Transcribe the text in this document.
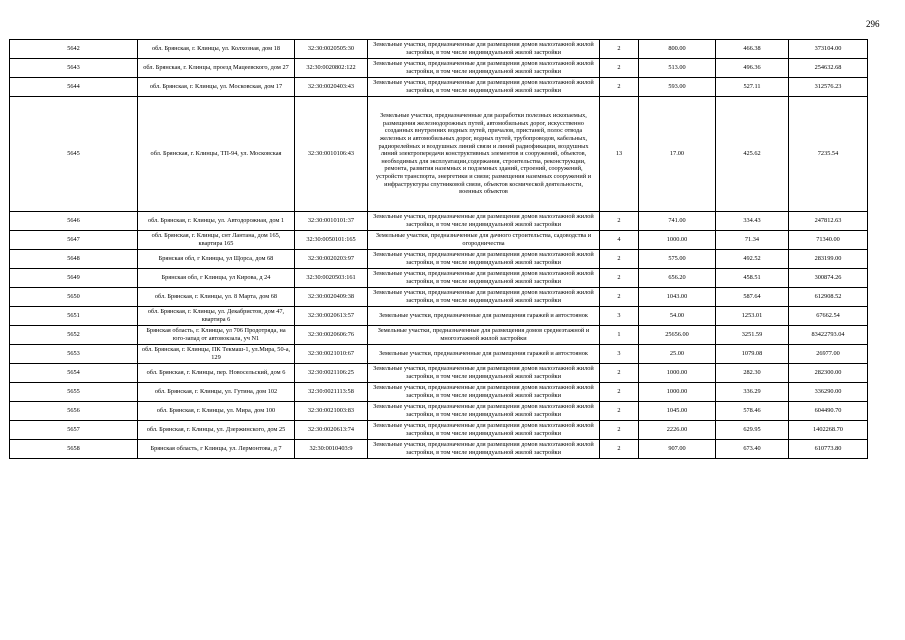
296
5642	обл. Брянская, г. Клинцы, ул. Колхозная, дом 18	32:30:0020505:30	Земельные участки, предназначенные для размещения домов малоэтажной жилой застройки, в том числе индивидуальной жилой застройки	2	800.00	466.38	373104.00
5643	обл. Брянская, г. Клинцы, проезд Мацеевского, дом 27	32:30:0020802:122	Земельные участки, предназначенные для размещения домов малоэтажной жилой застройки, в том числе индивидуальной жилой застройки	2	513.00	496.36	254632.68
5644	обл. Брянская, г. Клинцы, ул. Московская, дом 17	32:30:0020403:43	Земельные участки, предназначенные для размещения домов малоэтажной жилой застройки, в том числе индивидуальной жилой застройки	2	593.00	527.11	312576.23
5645	обл. Брянская, г. Клинцы, ТП-94, ул. Московская	32:30:0010106:43	Земельные участки, предназначенные для разработки полезных ископаемых, размещения железнодорожных путей, автомобильных дорог, искусственно созданных внутренних водных путей, причалов, пристаней, полос отвода железных и автомобильных дорог, водных путей, трубопроводов, кабельных, радиорелейных и воздушных линий связи и линий радиофикации, воздушных линий электропередачи конструктивных элементов и сооружений, объектов, необходимых для эксплуатации,содержания, строительства, реконструкции, ремонта, развития наземных и подземных зданий, строений, сооружений, устройств транспорта, энергетики и связи; размещения наземных сооружений и инфраструктуры спутниковой связи, объектов космической деятельности, военных объектов	13	17.00	425.62	7235.54
5646	обл. Брянская, г. Клинцы, ул. Автодорожная, дом 1	32:30:0010101:37	Земельные участки, предназначенные для размещения домов малоэтажной жилой застройки, в том числе индивидуальной жилой застройки	2	741.00	334.43	247812.63
5647	обл. Брянская, г. Клинцы, снт Лантана, дом 165, квартира 165	32:30:0050101:165	Земельные участки, предназначенные для дачного строительства, садоводства и огородничества	4	1000.00	71.34	71340.00
5648	Брянская обл, г Клинцы, ул Щорса, дом 68	32:30:0020203:97	Земельные участки, предназначенные для размещения домов малоэтажной жилой застройки, в том числе индивидуальной жилой застройки	2	575.00	492.52	283199.00
5649	Брянская обл, г Клинцы, ул Кирова, д 24	32:30:0020503:161	Земельные участки, предназначенные для размещения домов малоэтажной жилой застройки, в том числе индивидуальной жилой застройки	2	656.20	458.51	300874.26
5650	обл. Брянская, г. Клинцы, ул. 8 Марта, дом 68	32:30:0020409:38	Земельные участки, предназначенные для размещения домов малоэтажной жилой застройки, в том числе индивидуальной жилой застройки	2	1043.00	587.64	612908.52
5651	обл. Брянская, г. Клинцы, ул. Декабристов, дом 47, квартира 6	32:30:0020613:57	Земельные участки, предназначенные для размещения гаражей и автостоянок	3	54.00	1253.01	67662.54
5652	Брянская область, г. Клинцы, ул 706 Продотряда, на юго-запад от автовокзала, уч N1	32:30:0020606:76	Земельные участки, предназначенные для размещения домов среднеэтажной и многоэтажной жилой застройки	1	25656.00	3251.59	83422793.04
5653	обл. Брянская, г. Клинцы, ПК Текмаш-1, ул.Мира, 50-а, 129	32:30:0021010:67	Земельные участки, предназначенные для размещения гаражей и автостоянок	3	25.00	1079.08	26977.00
5654	обл. Брянская, г. Клинцы, пер. Новосельский, дом 6	32:30:0021106:25	Земельные участки, предназначенные для размещения домов малоэтажной жилой застройки, в том числе индивидуальной жилой застройки	2	1000.00	282.30	282300.00
5655	обл. Брянская, г. Клинцы, ул. Гутина, дом 102	32:30:0021113:58	Земельные участки, предназначенные для размещения домов малоэтажной жилой застройки, в том числе индивидуальной жилой застройки	2	1000.00	336.29	336290.00
5656	обл. Брянская, г. Клинцы, ул. Мира, дом 100	32:30:0021003:83	Земельные участки, предназначенные для размещения домов малоэтажной жилой застройки, в том числе индивидуальной жилой застройки	2	1045.00	578.46	604490.70
5657	обл. Брянская, г. Клинцы, ул. Дзержинского, дом 25	32:30:0020613:74	Земельные участки, предназначенные для размещения домов малоэтажной жилой застройки, в том числе индивидуальной жилой застройки	2	2226.00	629.95	1402268.70
5658	Брянская область, г Клинцы, ул. Лермонтова, д 7	32:30:0010403:9	Земельные участки, предназначенные для размещения домов малоэтажной жилой застройки, в том числе индивидуальной жилой застройки	2	907.00	673.40	610773.80
